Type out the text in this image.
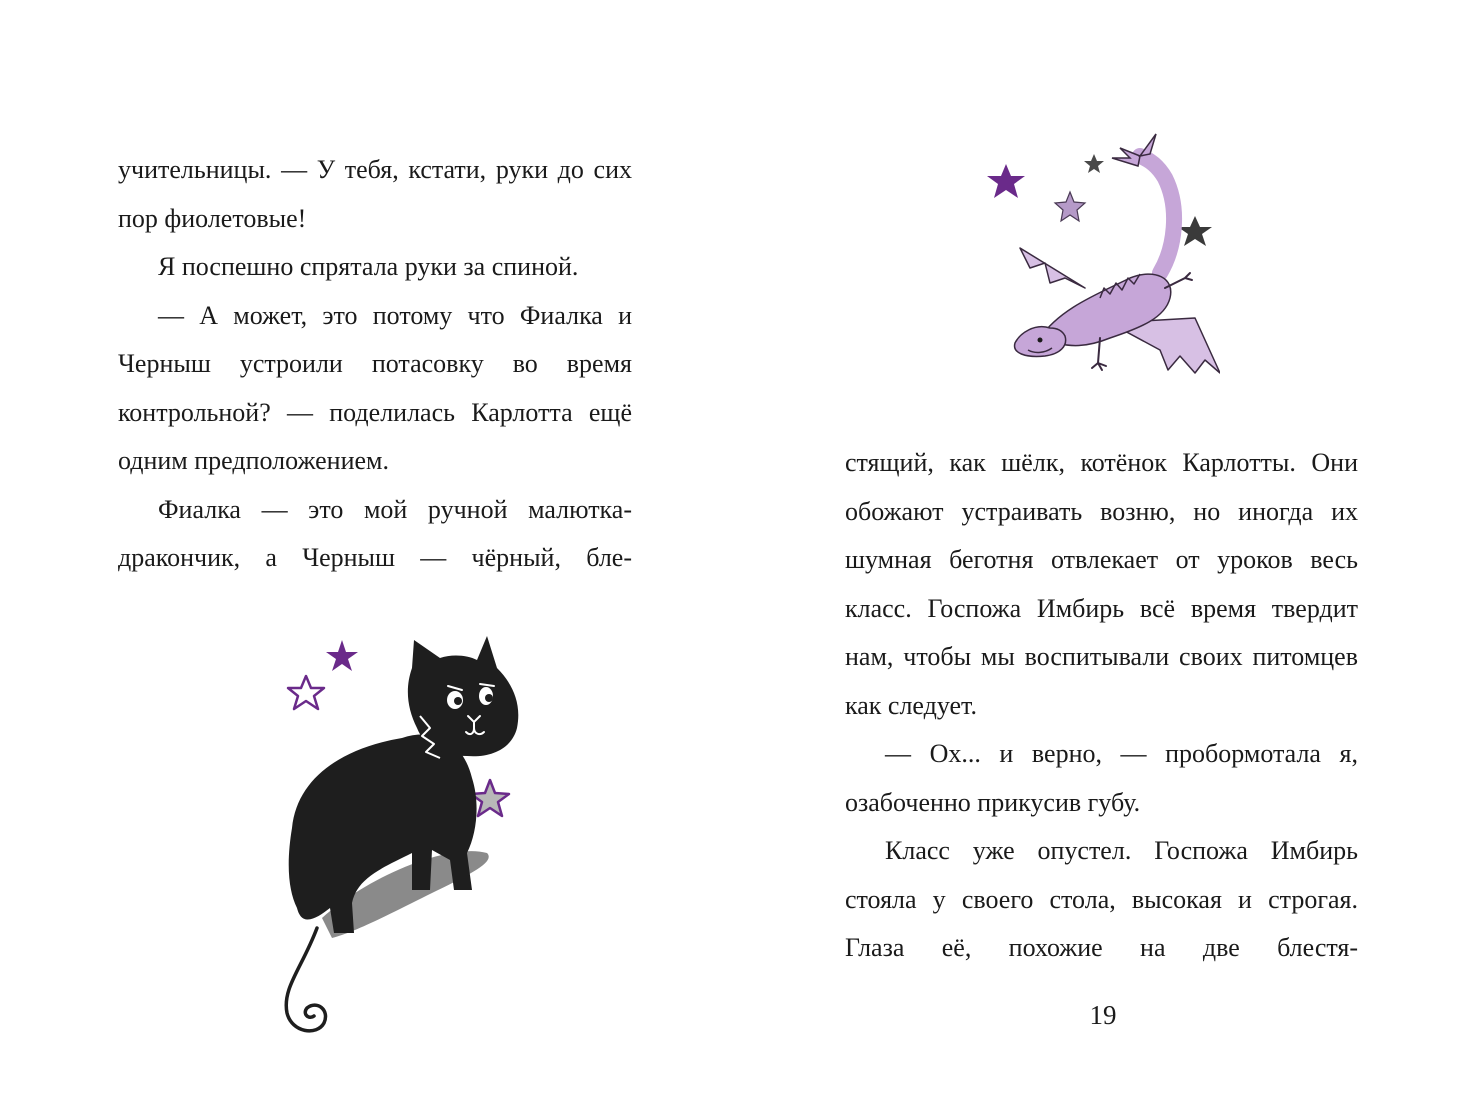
учительницы. — У тебя, кстати, руки до сих пор фиолетовые!

Я поспешно спрятала руки за спиной.

— А может, это потому что Фиалка и Черныш устроили потасовку во время контрольной? — поделилась Карлотта ещё одним предположением.

Фиалка — это мой ручной малютка-дракончик, а Черныш — чёрный, бле-

стящий, как шёлк, котёнок Карлотты. Они обожают устраивать возню, но иногда их шумная беготня отвлекает от уроков весь класс. Госпожа Имбирь всё время твердит нам, чтобы мы воспитывали своих питомцев как следует.

— Ох... и верно, — пробормотала я, озабоченно прикусив губу.

Класс уже опустел. Госпожа Имбирь стояла у своего стола, высокая и строгая. Глаза её, похожие на две блестя-

19
